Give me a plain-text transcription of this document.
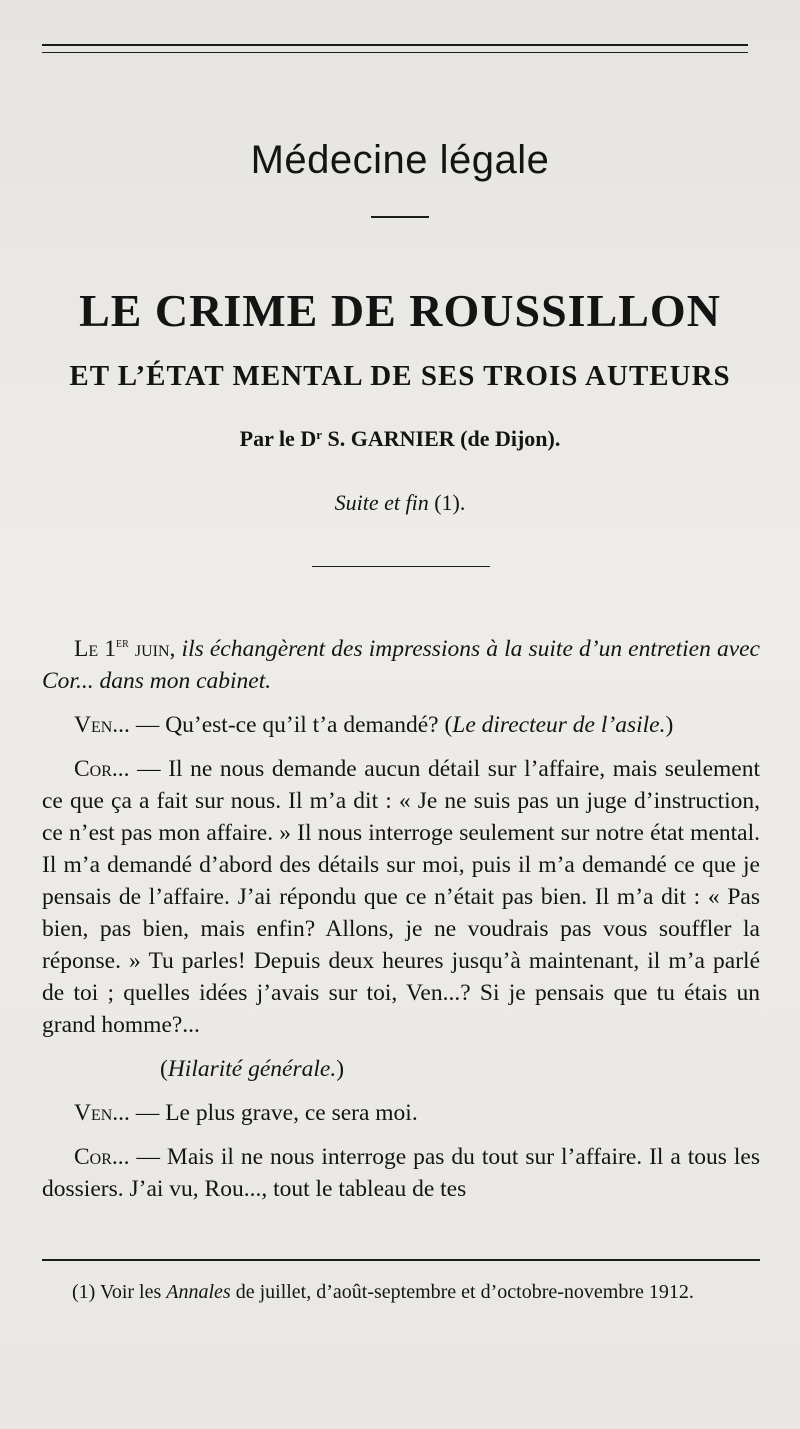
Médecine légale
LE CRIME DE ROUSSILLON
ET L’ÉTAT MENTAL DE SES TROIS AUTEURS
Par le $D^r$ S. GARNIER (de Dijon).
Suite et fin (1).

Le 1er juin, ils échangèrent des impressions à la suite d’un entretien avec Cor... dans mon cabinet.

Ven... — Qu’est-ce qu’il t’a demandé? (Le directeur de l’asile.)

Cor... — Il ne nous demande aucun détail sur l’affaire, mais seulement ce que ça a fait sur nous. Il m’a dit : « Je ne suis pas un juge d’instruction, ce n’est pas mon affaire. » Il nous interroge seulement sur notre état mental. Il m’a demandé d’abord des détails sur moi, puis il m’a demandé ce que je pensais de l’affaire. J’ai répondu que ce n’était pas bien. Il m’a dit : « Pas bien, pas bien, mais enfin? Allons, je ne voudrais pas vous souffler la réponse. » Tu parles! Depuis deux heures jusqu’à maintenant, il m’a parlé de toi ; quelles idées j’avais sur toi, Ven...? Si je pensais que tu étais un grand homme?...

(Hilarité générale.)

Ven... — Le plus grave, ce sera moi.

Cor... — Mais il ne nous interroge pas du tout sur l’affaire. Il a tous les dossiers. J’ai vu, Rou..., tout le tableau de tes

(1) Voir les Annales de juillet, d’août-septembre et d’octobre-novembre 1912.
